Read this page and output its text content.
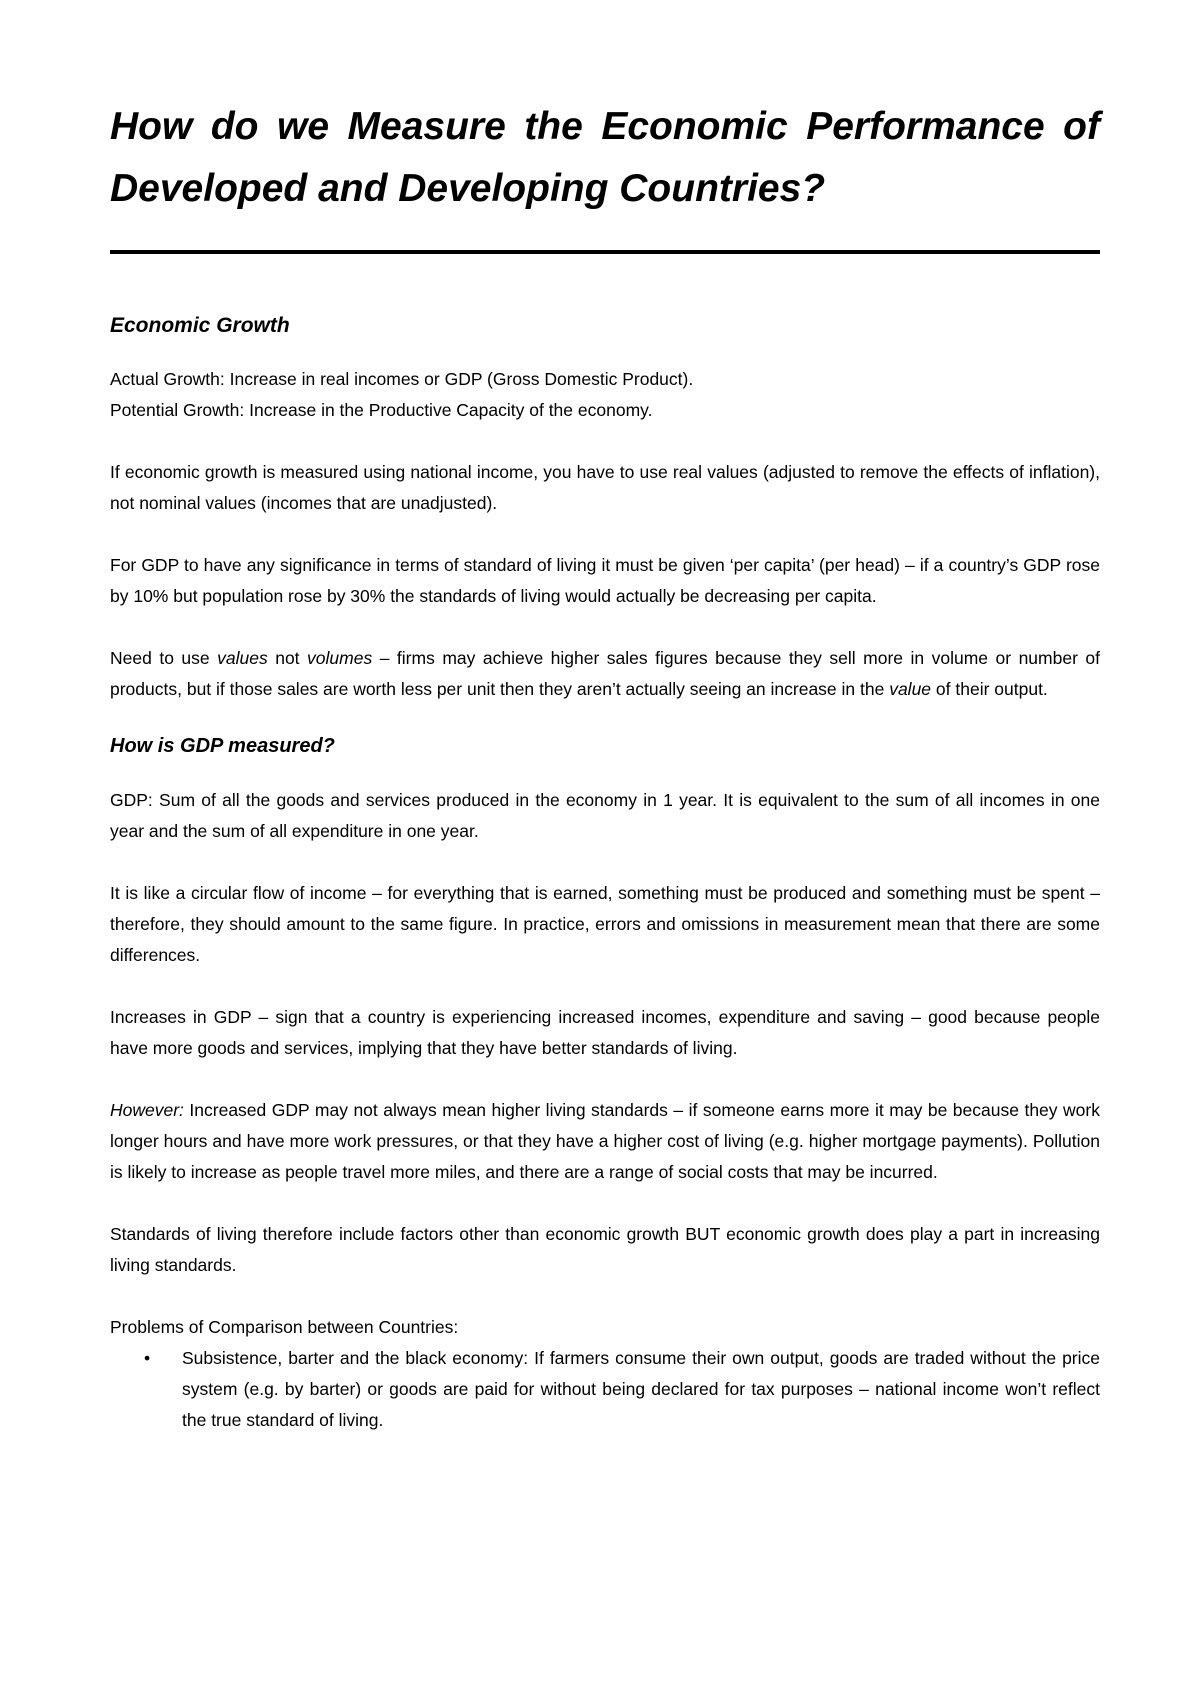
How do we Measure the Economic Performance of Developed and Developing Countries?
Economic Growth

Actual Growth: Increase in real incomes or GDP (Gross Domestic Product).

Potential Growth: Increase in the Productive Capacity of the economy.

If economic growth is measured using national income, you have to use real values (adjusted to remove the effects of inflation), not nominal values (incomes that are unadjusted).

For GDP to have any significance in terms of standard of living it must be given ‘per capita’ (per head) – if a country’s GDP rose by 10% but population rose by 30% the standards of living would actually be decreasing per capita.

Need to use values not volumes – firms may achieve higher sales figures because they sell more in volume or number of products, but if those sales are worth less per unit then they aren’t actually seeing an increase in the value of their output.

How is GDP measured?

GDP: Sum of all the goods and services produced in the economy in 1 year. It is equivalent to the sum of all incomes in one year and the sum of all expenditure in one year.

It is like a circular flow of income – for everything that is earned, something must be produced and something must be spent – therefore, they should amount to the same figure. In practice, errors and omissions in measurement mean that there are some differences.

Increases in GDP – sign that a country is experiencing increased incomes, expenditure and saving – good because people have more goods and services, implying that they have better standards of living.

However: Increased GDP may not always mean higher living standards – if someone earns more it may be because they work longer hours and have more work pressures, or that they have a higher cost of living (e.g. higher mortgage payments). Pollution is likely to increase as people travel more miles, and there are a range of social costs that may be incurred.

Standards of living therefore include factors other than economic growth BUT economic growth does play a part in increasing living standards.

Problems of Comparison between Countries:

• Subsistence, barter and the black economy: If farmers consume their own output, goods are traded without the price system (e.g. by barter) or goods are paid for without being declared for tax purposes – national income won’t reflect the true standard of living.
